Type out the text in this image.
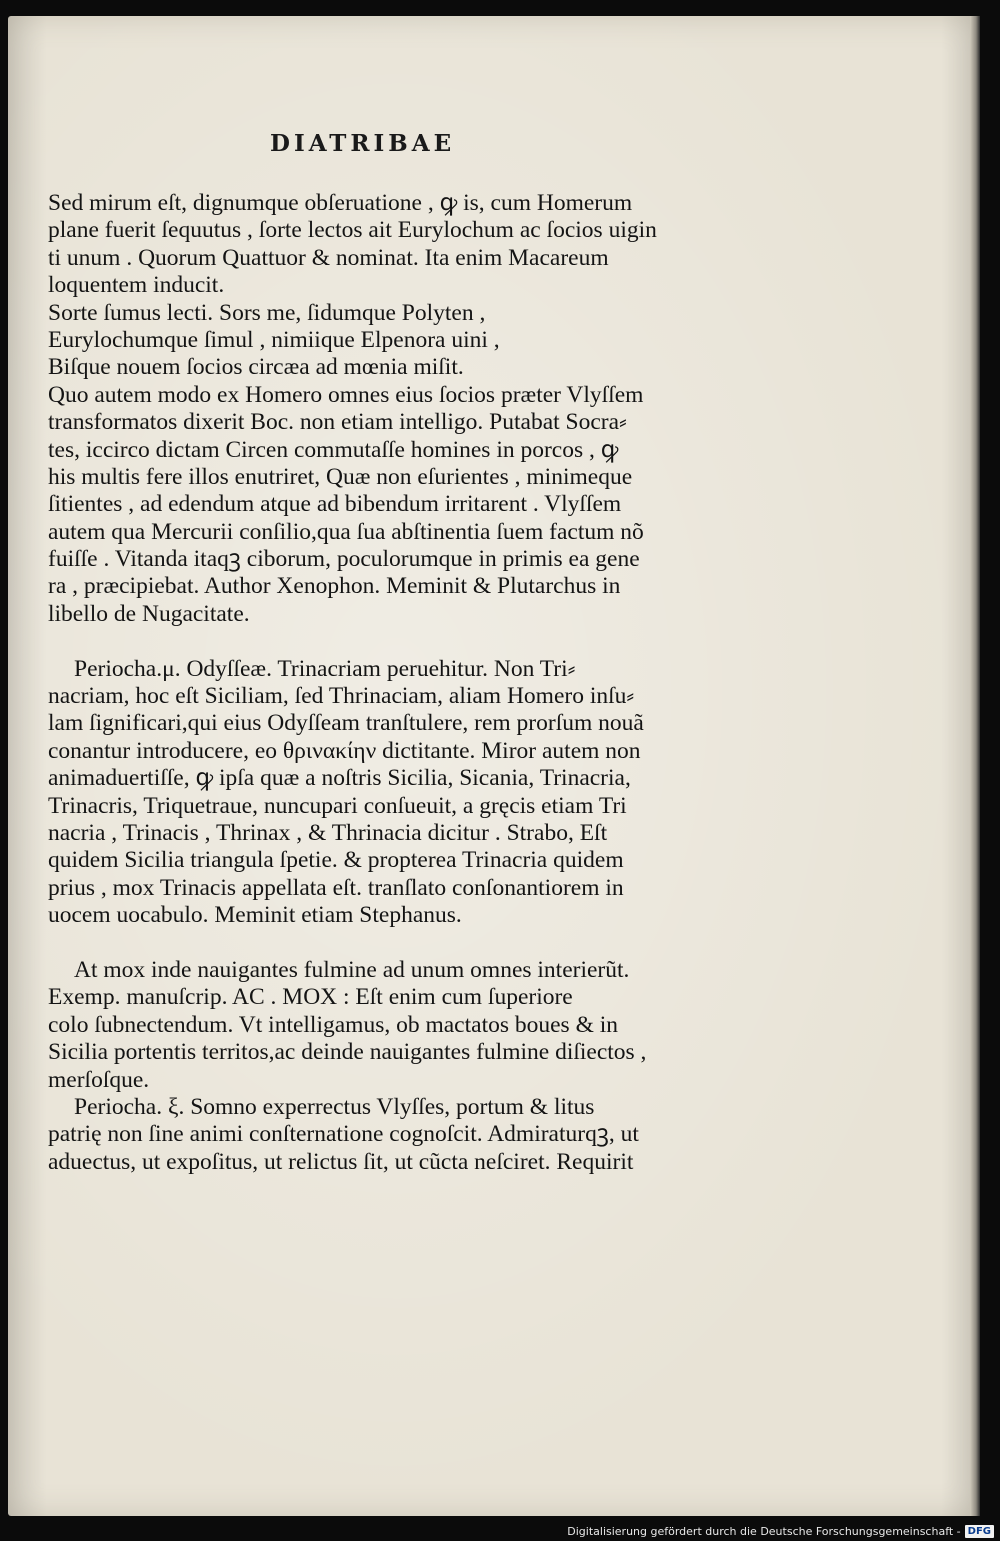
DIATRIBAE
Sed mirum eſt, dignumque obſeruatione , ꝙ is, cum Homerum
plane fuerit ſequutus , ſorte lectos ait Eurylochum ac ſocios uigin
ti unum . Quorum Quattuor & nominat. Ita enim Macareum
loquentem inducit.
Sorte ſumus lecti. Sors me, ſidumque Polyten ,
Eurylochumque ſimul , nimiique Elpenora uini ,
Biſque nouem ſocios circæa ad mœnia miſit.
Quo autem modo ex Homero omnes eius ſocios præter Vlyſſem
transformatos dixerit Boc. non etiam intelligo. Putabat Socra⸗
tes, iccirco dictam Circen commutaſſe homines in porcos , ꝙ
his multis fere illos enutriret, Quæ non eſurientes , minimeque
ſitientes , ad edendum atque ad bibendum irritarent . Vlyſſem
autem qua Mercurii conſilio,qua ſua abſtinentia ſuem factum nõ
fuiſſe . Vitanda itaqꝫ ciborum, poculorumque in primis ea gene
ra , præcipiebat. Author Xenophon. Meminit & Plutarchus in
libello de Nugacitate.
Periocha.μ. Odyſſeæ. Trinacriam peruehitur. Non Tri⸗
nacriam, hoc eſt Siciliam, ſed Thrinaciam, aliam Homero inſu⸗
lam ſignificari,qui eius Odyſſeam tranſtulere, rem prorſum nouã
conantur introducere, eo θρινακίην dictitante. Miror autem non
animaduertiſſe, ꝙ ipſa quæ a noſtris Sicilia, Sicania, Trinacria,
Trinacris, Triquetraue, nuncupari conſueuit, a gręcis etiam Tri
nacria , Trinacis , Thrinax , & Thrinacia dicitur . Strabo, Eſt
quidem Sicilia triangula ſpetie. & propterea Trinacria quidem
prius , mox Trinacis appellata eſt. tranſlato conſonantiorem in
uocem uocabulo. Meminit etiam Stephanus.
At mox inde nauigantes fulmine ad unum omnes interierũt.
Exemp. manuſcrip. AC . MOX : Eſt enim cum ſuperiore
colo ſubnectendum. Vt intelligamus, ob mactatos boues & in
Sicilia portentis territos,ac deinde nauigantes fulmine diſiectos ,
merſoſque.
Periocha. ξ. Somno experrectus Vlyſſes, portum & litus
patrię non ſine animi conſternatione cognoſcit. Admiraturqꝫ, ut
aduectus, ut expoſitus, ut relictus ſit, ut cũcta neſciret. Requirit
Digitalisierung gefördert durch die Deutsche Forschungsgemeinschaft - DFG
